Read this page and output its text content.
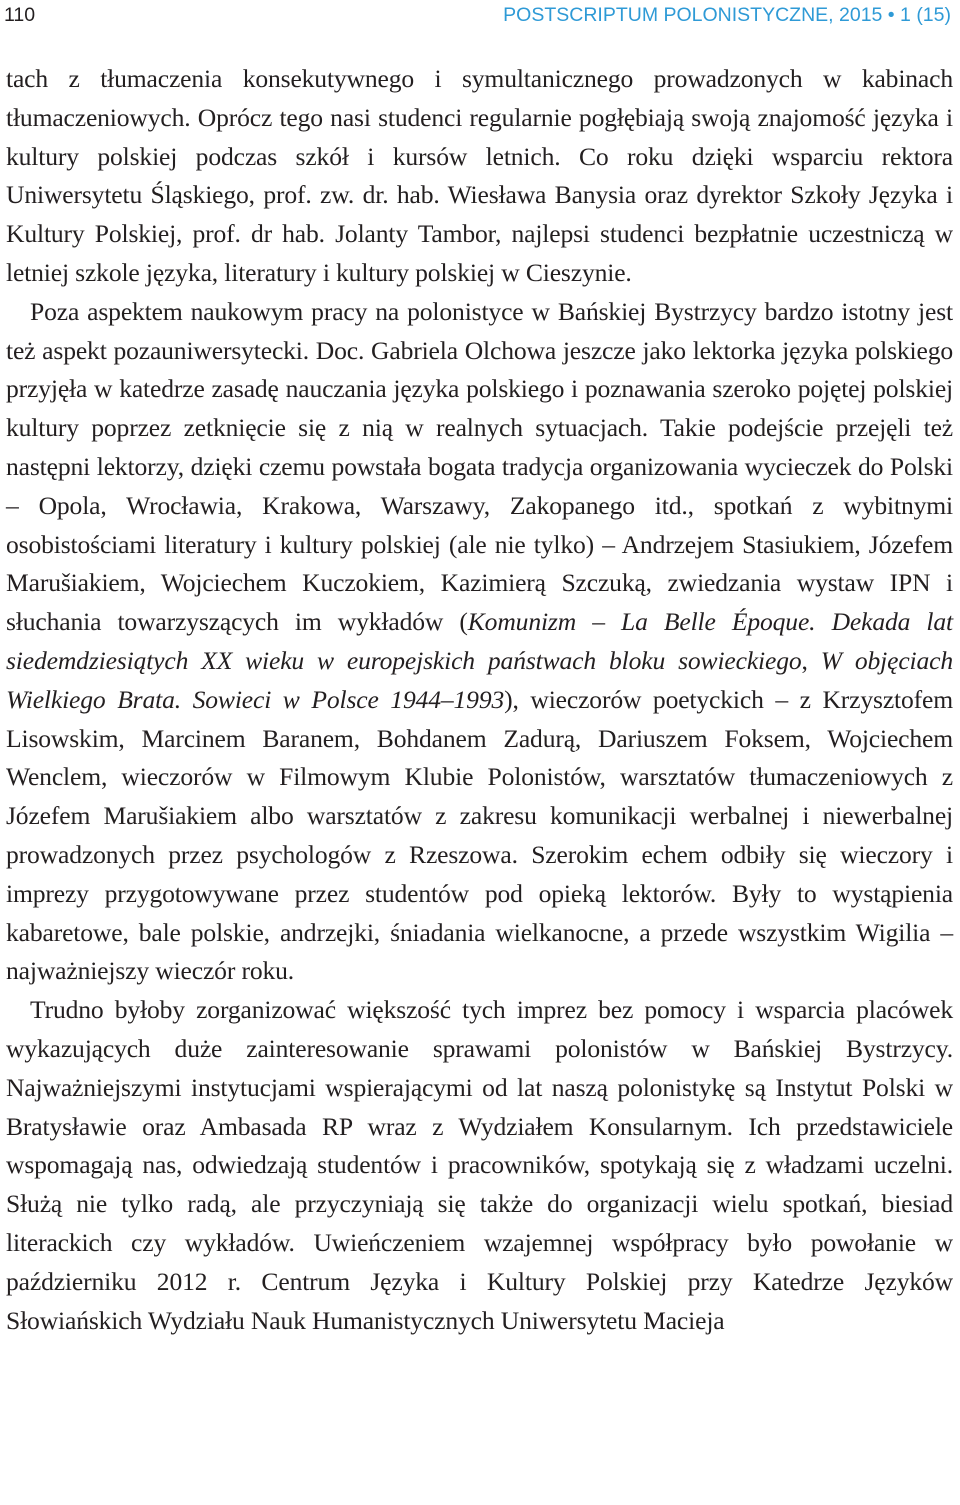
110	POSTSCRIPTUM POLONISTYCZNE, 2015 • 1 (15)

tach z tłumaczenia konsekutywnego i symultanicznego prowadzonych w kabinach tłumaczeniowych. Oprócz tego nasi studenci regularnie pogłębiają swoją znajomość języka i kultury polskiej podczas szkół i kursów letnich. Co roku dzięki wsparciu rektora Uniwersytetu Śląskiego, prof. zw. dr. hab. Wiesława Banysia oraz dyrektor Szkoły Języka i Kultury Polskiej, prof. dr hab. Jolanty Tambor, najlepsi studenci bezpłatnie uczestniczą w letniej szkole języka, literatury i kultury polskiej w Cieszynie.

Poza aspektem naukowym pracy na polonistyce w Bańskiej Bystrzycy bardzo istotny jest też aspekt pozauniwersytecki. Doc. Gabriela Olchowa jeszcze jako lektorka języka polskiego przyjęła w katedrze zasadę nauczania języka polskiego i poznawania szeroko pojętej polskiej kultury poprzez zetknięcie się z nią w realnych sytuacjach. Takie podejście przejęli też następni lektorzy, dzięki czemu powstała bogata tradycja organizowania wycieczek do Polski – Opola, Wrocławia, Krakowa, Warszawy, Zakopanego itd., spotkań z wybitnymi osobistościami literatury i kultury polskiej (ale nie tylko) – Andrzejem Stasiukiem, Józefem Marušiakiem, Wojciechem Kuczokiem, Kazimierą Szczuką, zwiedzania wystaw IPN i słuchania towarzyszących im wykładów (Komunizm – La Belle Époque. Dekada lat siedemdziesiątych XX wieku w europejskich państwach bloku sowieckiego, W objęciach Wielkiego Brata. Sowieci w Polsce 1944–1993), wieczorów poetyckich – z Krzysztofem Lisowskim, Marcinem Baranem, Bohdanem Zadurą, Dariuszem Foksem, Wojciechem Wenclem, wieczorów w Filmowym Klubie Polonistów, warsztatów tłumaczeniowych z Józefem Marušiakiem albo warsztatów z zakresu komunikacji werbalnej i niewerbalnej prowadzonych przez psychologów z Rzeszowa. Szerokim echem odbiły się wieczory i imprezy przygotowywane przez studentów pod opieką lektorów. Były to wystąpienia kabaretowe, bale polskie, andrzejki, śniadania wielkanocne, a przede wszystkim Wigilia – najważniejszy wieczór roku.

Trudno byłoby zorganizować większość tych imprez bez pomocy i wsparcia placówek wykazujących duże zainteresowanie sprawami polonistów w Bańskiej Bystrzycy. Najważniejszymi instytucjami wspierającymi od lat naszą polonistykę są Instytut Polski w Bratysławie oraz Ambasada RP wraz z Wydziałem Konsularnym. Ich przedstawiciele wspomagają nas, odwiedzają studentów i pracowników, spotykają się z władzami uczelni. Służą nie tylko radą, ale przyczyniają się także do organizacji wielu spotkań, biesiad literackich czy wykładów. Uwieńczeniem wzajemnej współpracy było powołanie w październiku 2012 r. Centrum Języka i Kultury Polskiej przy Katedrze Języków Słowiańskich Wydziału Nauk Humanistycznych Uniwersytetu Macieja
